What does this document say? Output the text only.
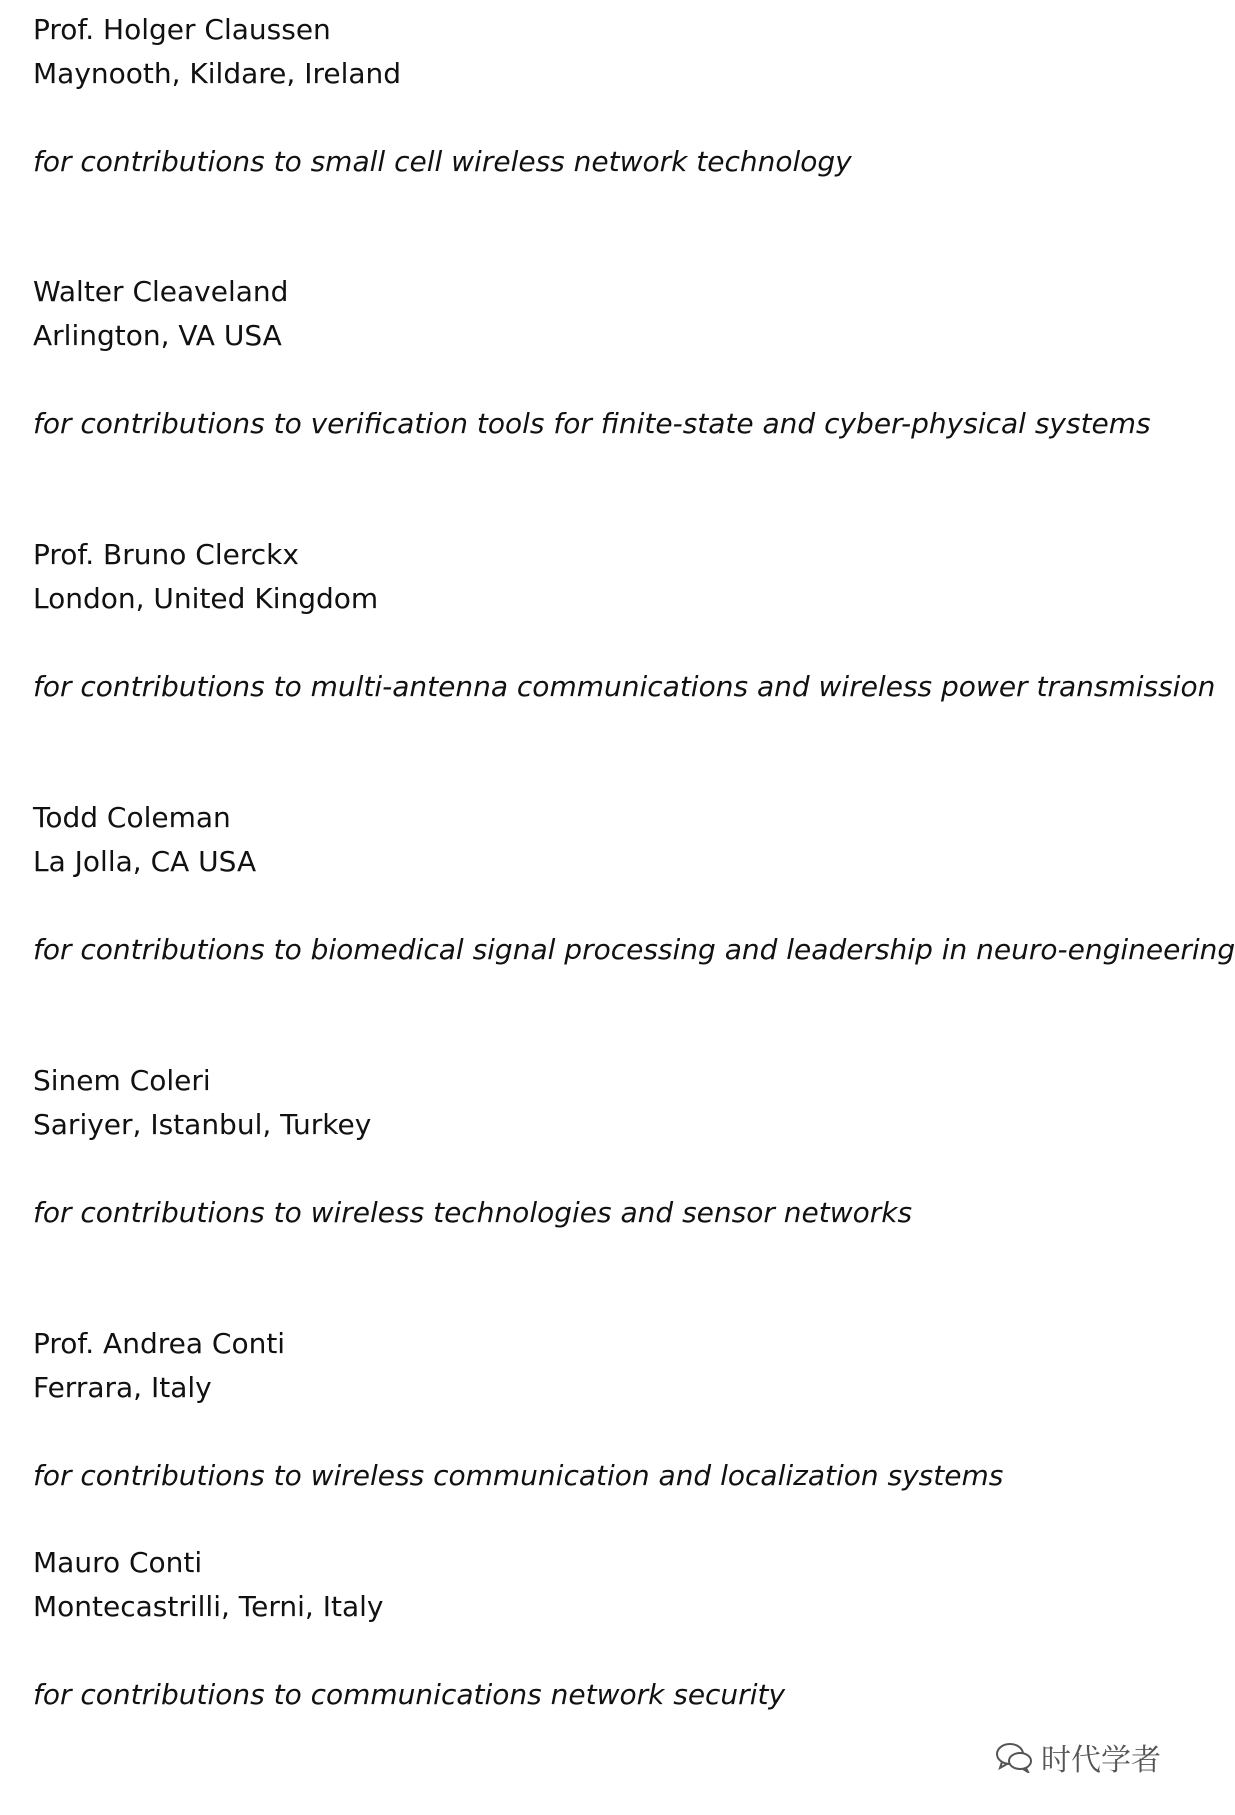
Prof. Holger Claussen
Maynooth, Kildare, Ireland
for contributions to small cell wireless network technology
Walter Cleaveland
Arlington, VA USA
for contributions to verification tools for finite-state and cyber-physical systems
Prof. Bruno Clerckx
London, United Kingdom
for contributions to multi-antenna communications and wireless power transmission
Todd Coleman
La Jolla, CA USA
for contributions to biomedical signal processing and leadership in neuro-engineering
Sinem Coleri
Sariyer, Istanbul, Turkey
for contributions to wireless technologies and sensor networks
Prof. Andrea Conti
Ferrara, Italy
for contributions to wireless communication and localization systems
Mauro Conti
Montecastrilli, Terni, Italy
for contributions to communications network security
时代学者
